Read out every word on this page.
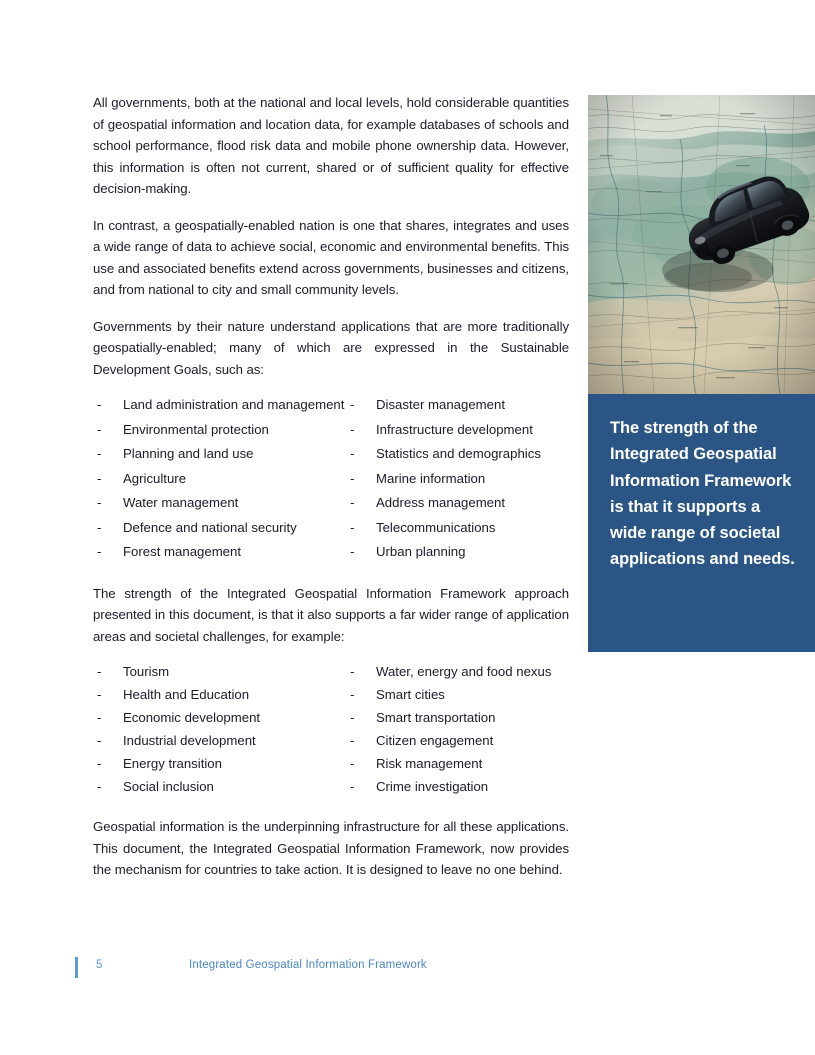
All governments, both at the national and local levels, hold considerable quantities of geospatial information and location data, for example databases of schools and school performance, flood risk data and mobile phone ownership data. However, this information is often not current, shared or of sufficient quality for effective decision-making.

In contrast, a geospatially-enabled nation is one that shares, integrates and uses a wide range of data to achieve social, economic and environmental benefits. This use and associated benefits extend across governments, businesses and citizens, and from national to city and small community levels.

Governments by their nature understand applications that are more traditionally geospatially-enabled; many of which are expressed in the Sustainable Development Goals, such as:

-	Land administration and management
-	Environmental protection
-	Planning and land use
-	Agriculture
-	Water management
-	Defence and national security
-	Forest management
-	Disaster management
-	Infrastructure development
-	Statistics and demographics
-	Marine information
-	Address management
-	Telecommunications
-	Urban planning

The strength of the Integrated Geospatial Information Framework approach presented in this document, is that it also supports a far wider range of application areas and societal challenges, for example:

-	Tourism
-	Health and Education
-	Economic development
-	Industrial development
-	Energy transition
-	Social inclusion
-	Water, energy and food nexus
-	Smart cities
-	Smart transportation
-	Citizen engagement
-	Risk management
-	Crime investigation

Geospatial information is the underpinning infrastructure for all these applications. This document, the Integrated Geospatial Information Framework, now provides the mechanism for countries to take action. It is designed to leave no one behind.

The strength of the Integrated Geospatial Information Framework is that it supports a wide range of societal applications and needs.
5	Integrated Geospatial Information Framework
